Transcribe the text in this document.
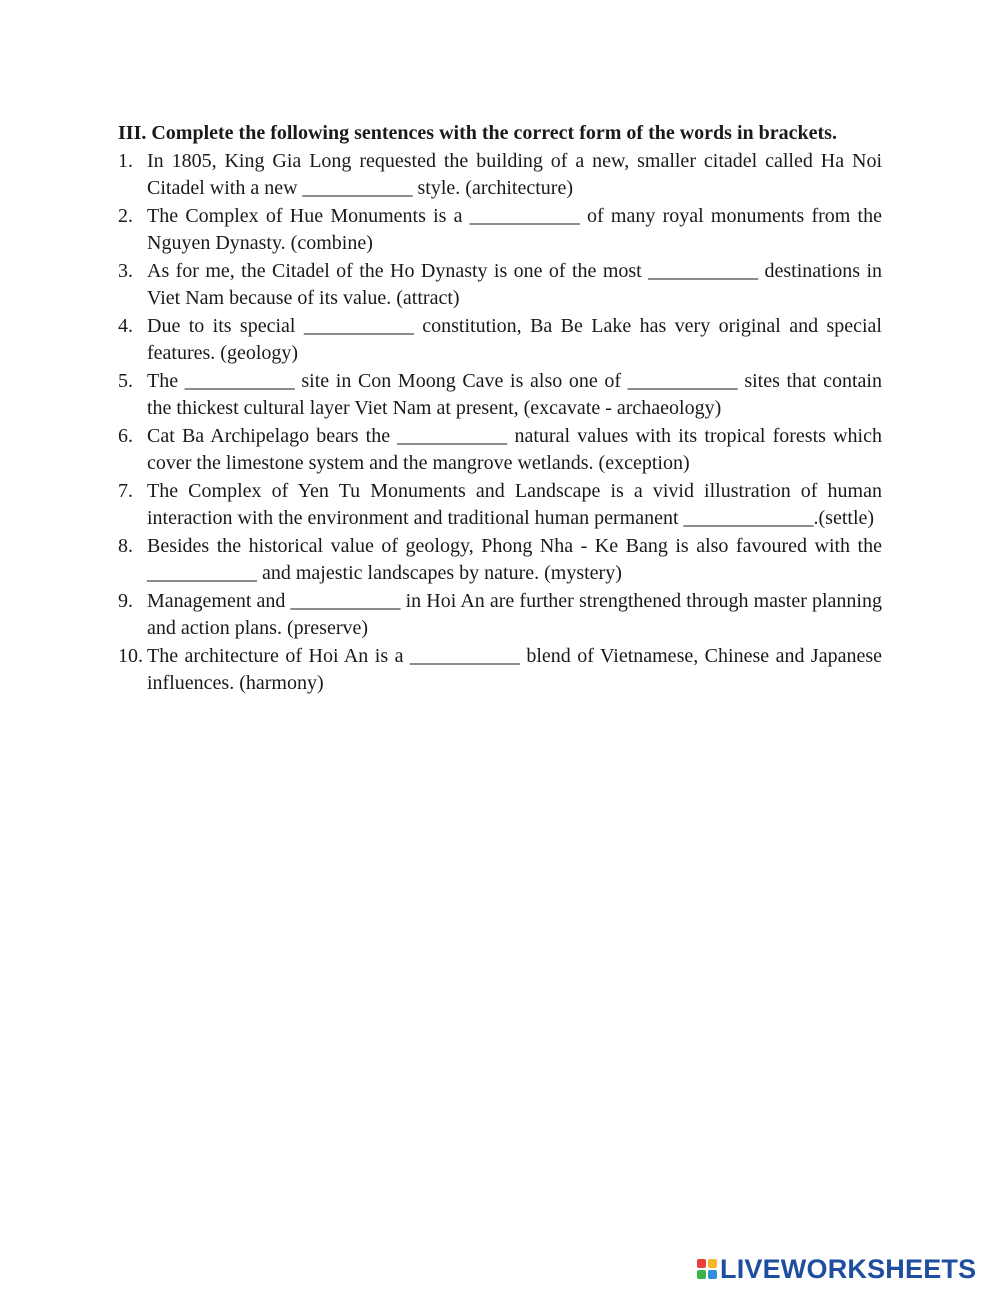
III. Complete the following sentences with the correct form of the words in brackets.
1. In 1805, King Gia Long requested the building of a new, smaller citadel called Ha Noi Citadel with a new ___________ style. (architecture)
2. The Complex of Hue Monuments is a ___________ of many royal monuments from the Nguyen Dynasty. (combine)
3. As for me, the Citadel of the Ho Dynasty is one of the most ___________ destinations in Viet Nam because of its value. (attract)
4. Due to its special ___________ constitution, Ba Be Lake has very original and special features. (geology)
5. The ___________ site in Con Moong Cave is also one of ___________ sites that contain the thickest cultural layer Viet Nam at present, (excavate - archaeology)
6. Cat Ba Archipelago bears the ___________ natural values with its tropical forests which cover the limestone system and the mangrove wetlands. (exception)
7. The Complex of Yen Tu Monuments and Landscape is a vivid illustration of human interaction with the environment and traditional human permanent _____________.(settle)
8. Besides the historical value of geology, Phong Nha - Ke Bang is also favoured with the ___________ and majestic landscapes by nature. (mystery)
9. Management and ___________ in Hoi An are further strengthened through master planning and action plans. (preserve)
10. The architecture of Hoi An is a ___________ blend of Vietnamese, Chinese and Japanese influences. (harmony)
LIVEWORKSHEETS
